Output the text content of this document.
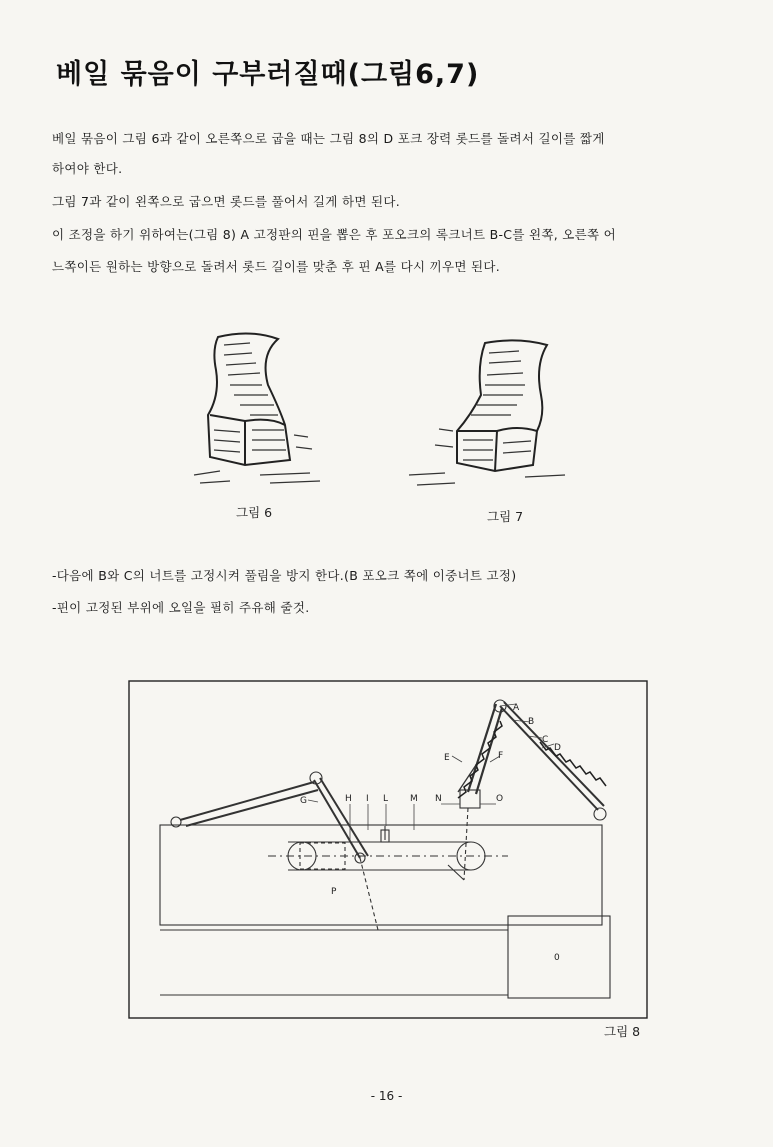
베일 묶음이 구부러질때(그림6,7)
베일 묶음이 그림 6과 같이 오른쪽으로 굽을 때는 그림 8의 D 포크 장력 롯드를 돌려서 길이를 짧게
하여야 한다.
그림 7과 같이 왼쪽으로 굽으면 롯드를 풀어서 길게 하면 된다.
이 조정을 하기 위하여는(그림 8) A 고정판의 핀을 뽑은 후 포오크의 록크너트 B-C를 왼쪽, 오른쪽 어
느쪽이든 원하는 방향으로 돌려서 롯드 길이를 맞춘 후 핀 A를 다시 끼우면 된다.
그림 6	그림 7
-다음에 B와 C의 너트를 고정시켜 풀림을 방지 한다.(B 포오크 쪽에 이중너트 고정)
-핀이 고정된 부위에 오일을 필히 주유해 줄것.
A
B
C
D
E	F
G	H I L M N	O
P
0
그림 8
- 16 -
